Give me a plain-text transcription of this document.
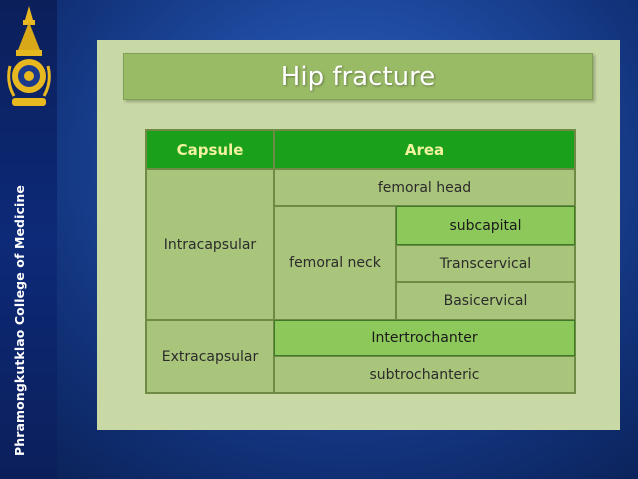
Phramongkutklao College of Medicine
Hip fracture
Capsule	Area
Intracapsular
Extracapsular
femoral head
femoral neck
subcapital
Transcervical
Basicervical
Intertrochanter
subtrochanteric
